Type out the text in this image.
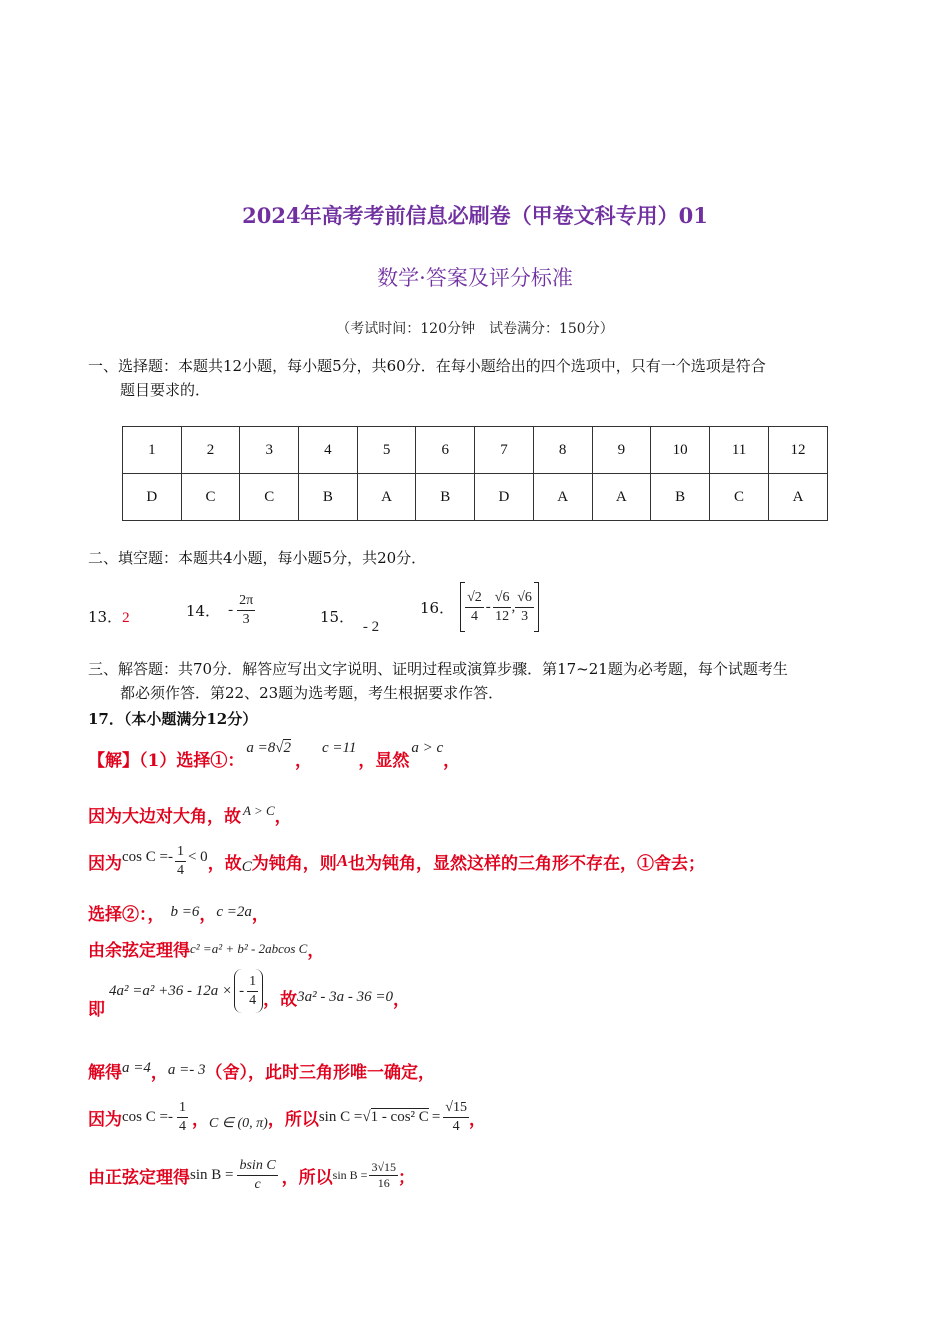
2024年高考考前信息必刷卷（甲卷文科专用）01
数学·答案及评分标准
（考试时间：120分钟　试卷满分：150分）
一、选择题：本题共12小题，每小题5分，共60分．在每小题给出的四个选项中，只有一个选项是符合
题目要求的．
1	2	3	4	5	6	7	8	9	10	11	12
D	C	C	B	A	B	D	A	A	B	C	A
二、填空题：本题共4小题，每小题5分，共20分．
13．2	14． - $\frac{2\pi}{3}$	15． - 2
16． $\frac{√2}{4} - \frac{√6}{12}$ , $\frac{√6}{3}$
三、解答题：共70分．解答应写出文字说明、证明过程或演算步骤．第17~21题为必考题，每个试题考生
都必须作答．第22、23题为选考题，考生根据要求作答．
17．（本小题满分12分）
【解】（1）选择①：
a =8√2
，
c =11
，显然
a > c
，
因为大边对大角，故 A > C ，
因为 $\cos C =- \frac{1}{4} < 0$ ，故 C 为钝角，则 A 也为钝角，显然这样的三角形不存在，①舍去；
选择②：， b =6 ， c =2a ，
由余弦定理得 c² =a² + b² - 2abcos C ，
即
4a² =a² +36 - 12a × - $\frac{1}{4}$ ，故 3a² - 3a - 36 =0 ，
解得 a =4 ， a =- 3 （舍），此时三角形唯一确定，
因为 $\cos C =- \frac{1}{4}$ ， C ∈ (0, π) ，所以 sin C = √1 - cos² $C = \frac{√15}{4}$ ，
由正弦定理得 $\sin B = \frac{\text{bsin C}}{c}$ ，所以 $\sin B = \frac{3√15}{16}$ ；
